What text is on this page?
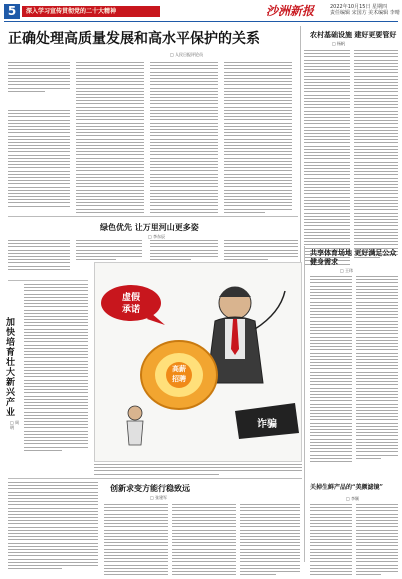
5	深入学习宣传贯彻党的二十大精神	沙洲新报	2022年10月15日 星期四
责任编辑 宋国方 美术编辑 李晴
正确处理高质量发展和高水平保护的关系
□ 人民日报评论员
农村基础设施 建好更要管好
□ 杨帆
绿色优先 让万里河山更多姿
□ 李东辰
加快培育壮大新兴产业
□ 周明
虚假
承诺
高薪
招聘
诈骗
共享体育场地 更好满足公众健身需求
□ 王玮
创新求变方能行稳致远
□ 张建军
关掉生鲜产品的“美颜滤镜”
□ 李颖
